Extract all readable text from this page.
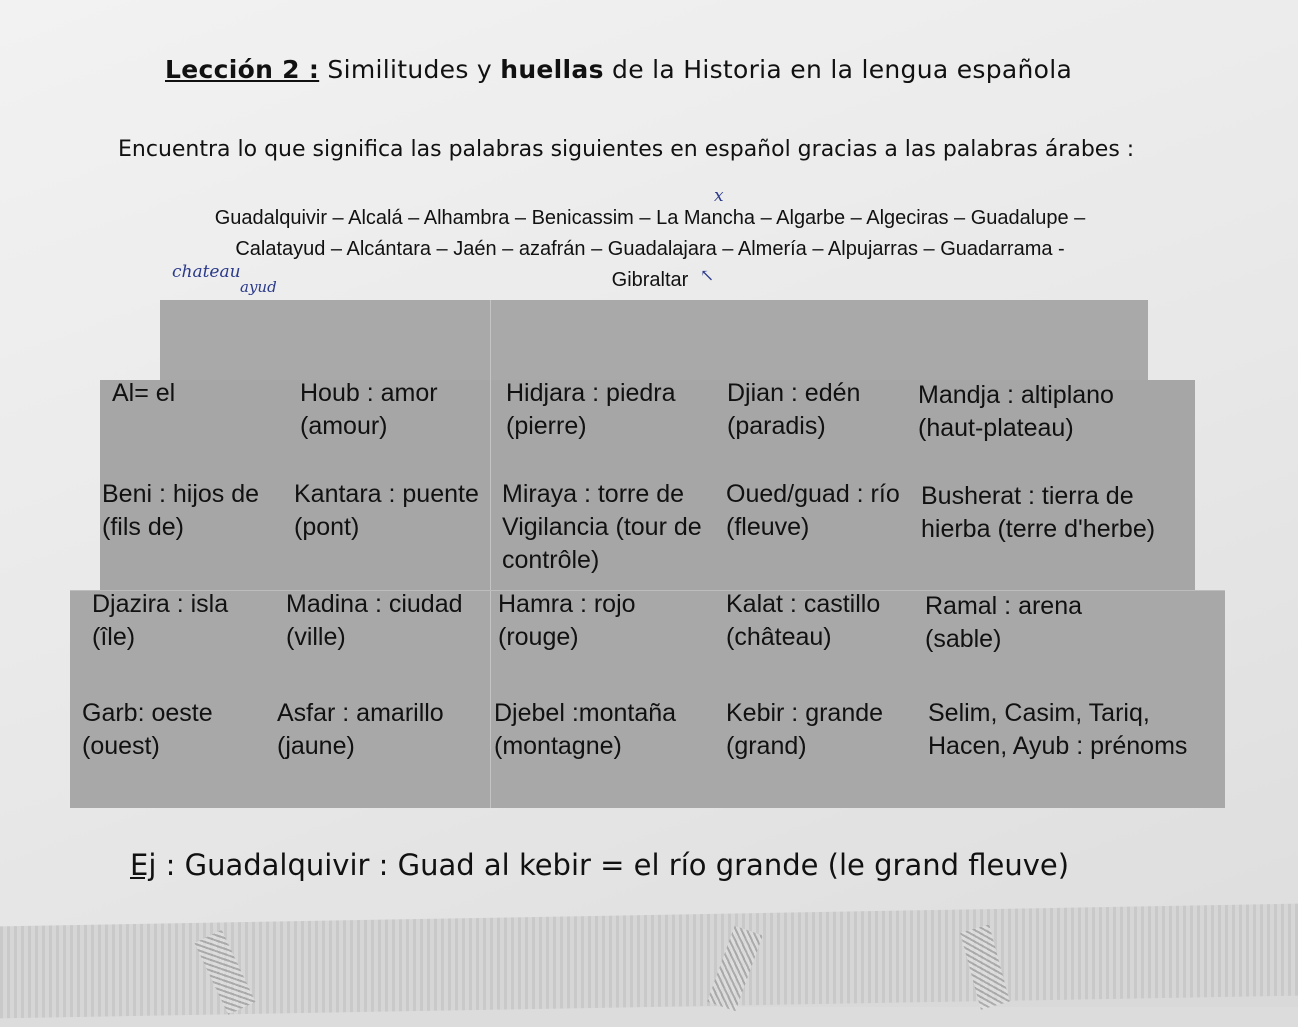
Lección 2 : Similitudes y huellas de la Historia en la lengua española
Encuentra lo que significa las palabras siguientes en español gracias a las palabras árabes :
Guadalquivir – Alcalá – Alhambra – Benicassim – La Mancha – Algarbe – Algeciras – Guadalupe –
Calatayud – Alcántara – Jaén – azafrán – Guadalajara – Almería – Alpujarras – Guadarrama -
Gibraltar
chateau
ayud
x
↖
Al= el	Houb : amor
(amour)
Hidjara : piedra
(pierre)
Djian : edén
(paradis)
Mandja : altiplano
(haut-plateau)
Beni : hijos de
(fils de)
Kantara : puente
(pont)
Miraya : torre de
Vigilancia (tour de
contrôle)
Oued/guad : río
(fleuve)
Busherat : tierra de
hierba (terre d'herbe)
Djazira : isla
(île)
Madina : ciudad
(ville)
Hamra : rojo
(rouge)
Kalat : castillo
(château)
Ramal : arena
(sable)
Garb: oeste
(ouest)
Asfar : amarillo
(jaune)
Djebel :montaña
(montagne)
Kebir : grande
(grand)
Selim, Casim, Tariq,
Hacen, Ayub : prénoms
Ej : Guadalquivir : Guad al kebir = el río grande (le grand fleuve)
